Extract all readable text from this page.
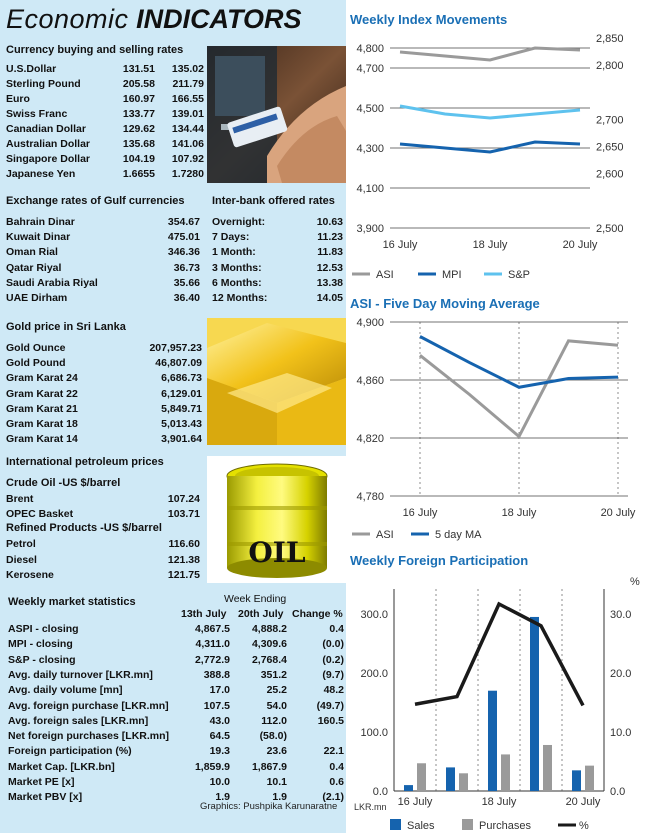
Economic INDICATORS
Currency buying and selling rates
U.S.Dollar	131.51 135.02
Sterling Pound	205.58 211.79
Euro	160.97 166.55
Swiss Franc	133.77 139.01
Canadian Dollar	129.62 134.44
Australian Dollar	135.68 141.06
Singapore Dollar	104.19 107.92
Japanese Yen	1.6655 1.7280
Exchange rates of Gulf currencies
Bahrain Dinar	354.67
Kuwait Dinar	475.01
Oman Rial	346.36
Qatar Riyal	36.73
Saudi Arabia Riyal	35.66
UAE Dirham	36.40
Inter-bank offered rates
Overnight:	10.63
7 Days:	11.23
1 Month:	11.83
3 Months:	12.53
6 Months:	13.38
12 Months:	14.05
Gold price in Sri Lanka
Gold Ounce	207,957.23
Gold Pound	46,807.09
Gram Karat 24	6,686.73
Gram Karat 22	6,129.01
Gram Karat 21	5,849.71
Gram Karat 18	5,013.43
Gram Karat 14	3,901.64
International petroleum prices
Crude Oil -US $/barrel
Brent	107.24
OPEC Basket	103.71
Refined Products -US $/barrel
Petrol	116.60
Diesel	121.38
Kerosene	121.75
OIL
Weekly market statistics	Week Ending
13th July 20th July Change %
ASPI - closing	4,867.5 4,888.2	0.4
MPI - closing	4,311.0 4,309.6	(0.0)
S&P - closing	2,772.9 2,768.4	(0.2)
Avg. daily turnover [LKR.mn]	388.8	351.2	(9.7)
Avg. daily volume [mn]	17.0	25.2	48.2
Avg. foreign purchase [LKR.mn]	107.5	54.0	(49.7)
Avg. foreign sales [LKR.mn]	43.0	112.0	160.5
Net foreign purchases [LKR.mn]	64.5	(58.0)
Foreign participation (%)	19.3	23.6	22.1
Market Cap. [LKR.bn]	1,859.9 1,867.9	0.4
Market PE [x]	10.0	10.1	0.6
Market PBV [x]	1.9	1.9	(2.1)
Graphics: Pushpika Karunaratne LKR.mn
Weekly Index Movements
4,800
4,700
4,500
4,300
4,100
3,900
2,850
2,800
2,700
2,650
2,600
2,500
16 July	18 July	20 July
ASI	MPI	S&P
ASI - Five Day Moving Average
4,900
4,860
4,820
4,780
16 July	18 July	20 July
ASI	5 day MA
Weekly Foreign Participation
300.0
200.0
100.0
0.0
30.0
20.0
10.0
0.0
%
16 July	18 July	20 July
Sales	Purchases	%
